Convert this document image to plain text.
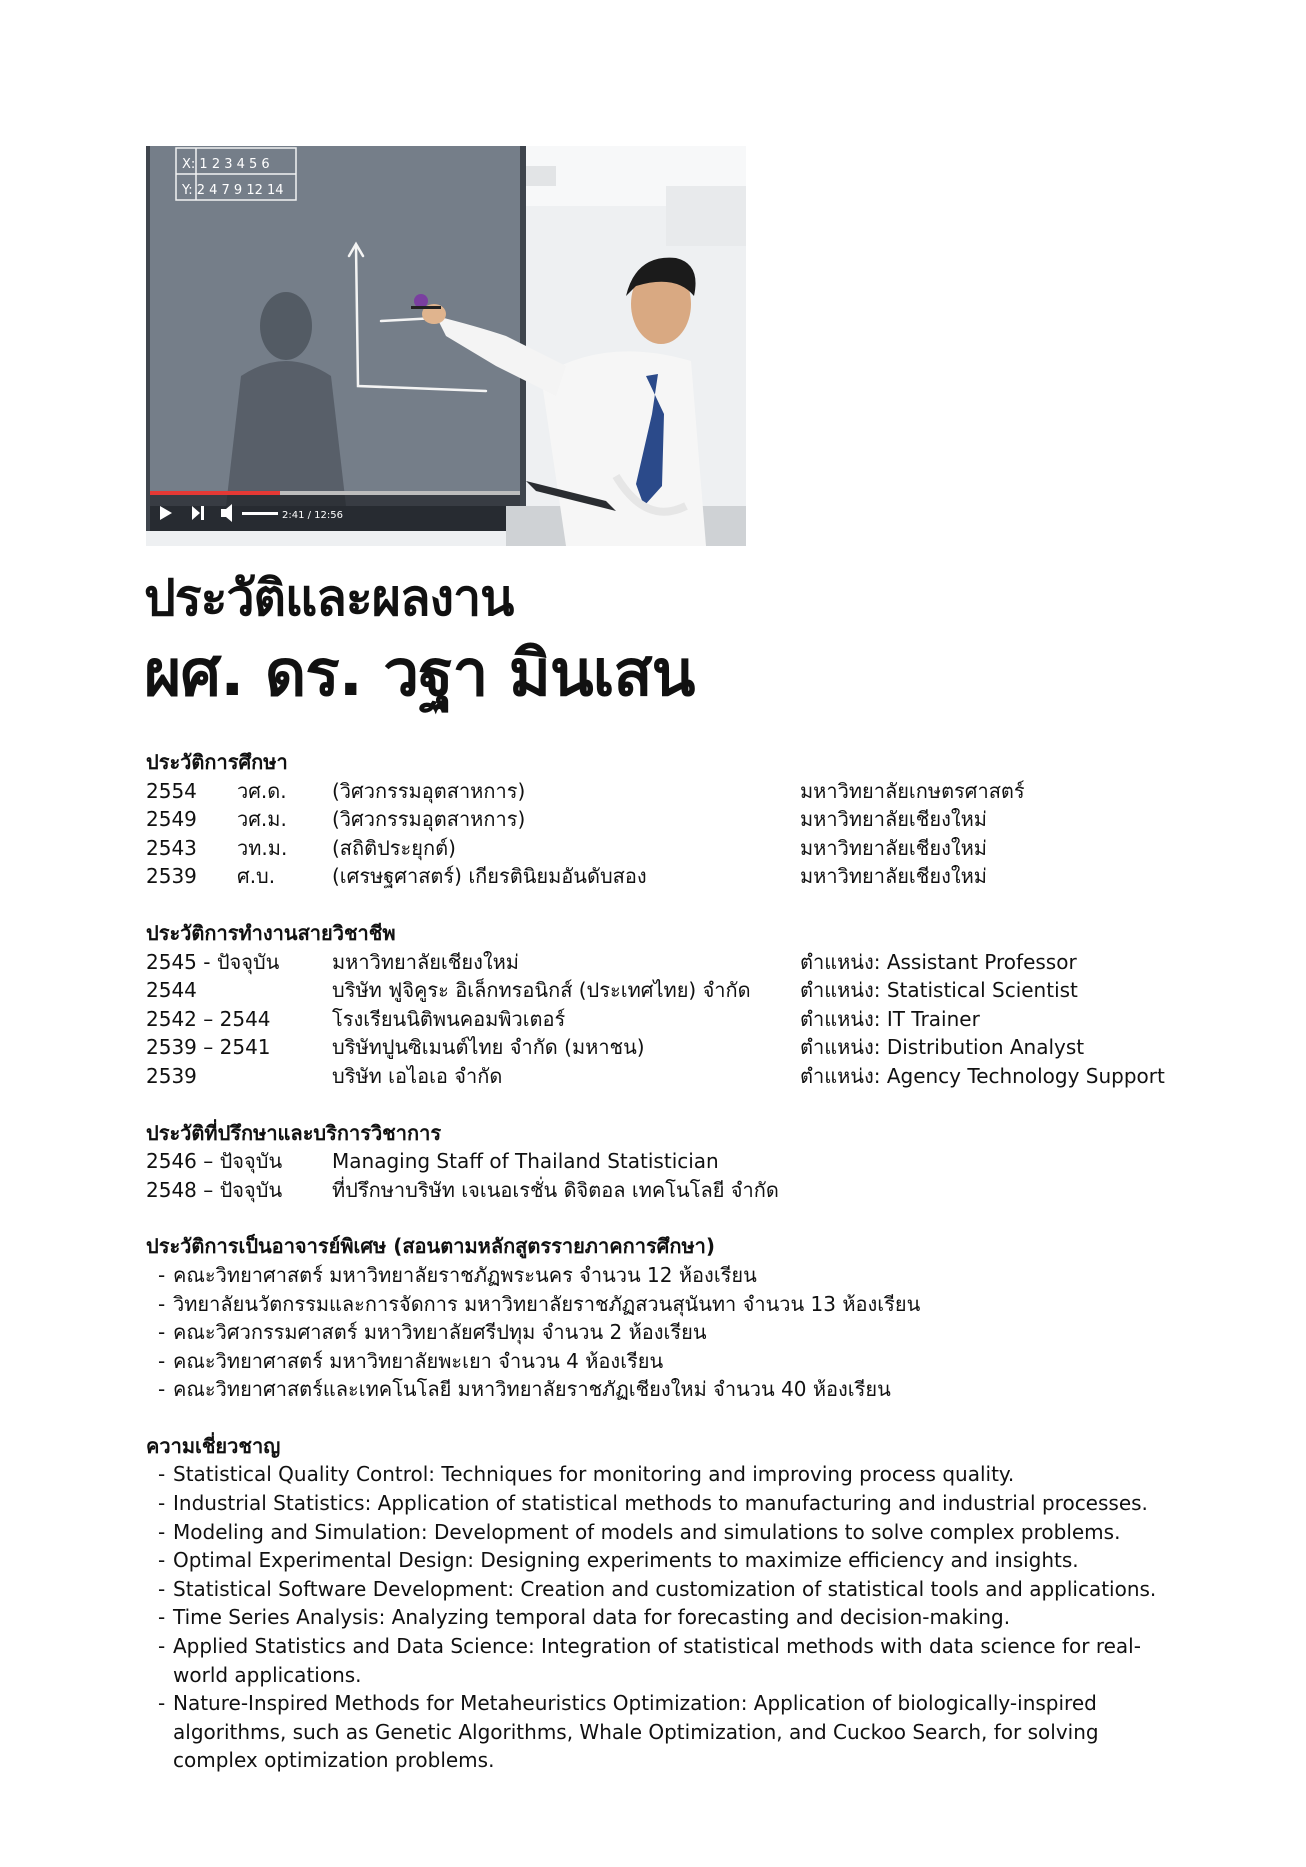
X: 1 2 3 4 5 6
Y: 2 4 7 9 12 14
2:41 / 12:56
ประวัติและผลงาน
ผศ. ดร. วฐา มินเสน
ประวัติการศึกษา
2554 วศ.ด. (วิศวกรรมอุตสาหการ)	มหาวิทยาลัยเกษตรศาสตร์
2549 วศ.ม. (วิศวกรรมอุตสาหการ)	มหาวิทยาลัยเชียงใหม่
2543 วท.ม. (สถิติประยุกต์)	มหาวิทยาลัยเชียงใหม่
2539 ศ.บ.	(เศรษฐศาสตร์) เกียรตินิยมอันดับสอง	มหาวิทยาลัยเชียงใหม่
ประวัติการทำงานสายวิชาชีพ
2545 - ปัจจุบัน	มหาวิทยาลัยเชียงใหม่	ตำแหน่ง: Assistant Professor
2544	บริษัท ฟูจิคูระ อิเล็กทรอนิกส์ (ประเทศไทย) จำกัด ตำแหน่ง: Statistical Scientist
2542 – 2544	โรงเรียนนิติพนคอมพิวเตอร์	ตำแหน่ง: IT Trainer
2539 – 2541	บริษัทปูนซิเมนต์ไทย จำกัด (มหาชน)	ตำแหน่ง: Distribution Analyst
2539	บริษัท เอไอเอ จำกัด	ตำแหน่ง: Agency Technology Support
ประวัติที่ปรึกษาและบริการวิชาการ
2546 – ปัจจุบัน Managing Staff of Thailand Statistician
2548 – ปัจจุบัน ที่ปรึกษาบริษัท เจเนอเรชั่น ดิจิตอล เทคโนโลยี จำกัด
ประวัติการเป็นอาจารย์พิเศษ (สอนตามหลักสูตรรายภาคการศึกษา)
- คณะวิทยาศาสตร์ มหาวิทยาลัยราชภัฏพระนคร จำนวน 12 ห้องเรียน
- วิทยาลัยนวัตกรรมและการจัดการ มหาวิทยาลัยราชภัฏสวนสุนันทา จำนวน 13 ห้องเรียน
- คณะวิศวกรรมศาสตร์ มหาวิทยาลัยศรีปทุม จำนวน 2 ห้องเรียน
- คณะวิทยาศาสตร์ มหาวิทยาลัยพะเยา จำนวน 4 ห้องเรียน
- คณะวิทยาศาสตร์และเทคโนโลยี มหาวิทยาลัยราชภัฏเชียงใหม่ จำนวน 40 ห้องเรียน
ความเชี่ยวชาญ
- Statistical Quality Control: Techniques for monitoring and improving process quality.
- Industrial Statistics: Application of statistical methods to manufacturing and industrial processes.
- Modeling and Simulation: Development of models and simulations to solve complex problems.
- Optimal Experimental Design: Designing experiments to maximize efficiency and insights.
- Statistical Software Development: Creation and customization of statistical tools and applications.
- Time Series Analysis: Analyzing temporal data for forecasting and decision-making.
- Applied Statistics and Data Science: Integration of statistical methods with data science for real-world applications.
- Nature-Inspired Methods for Metaheuristics Optimization: Application of biologically-inspired algorithms, such as Genetic Algorithms, Whale Optimization, and Cuckoo Search, for solving complex optimization problems.
